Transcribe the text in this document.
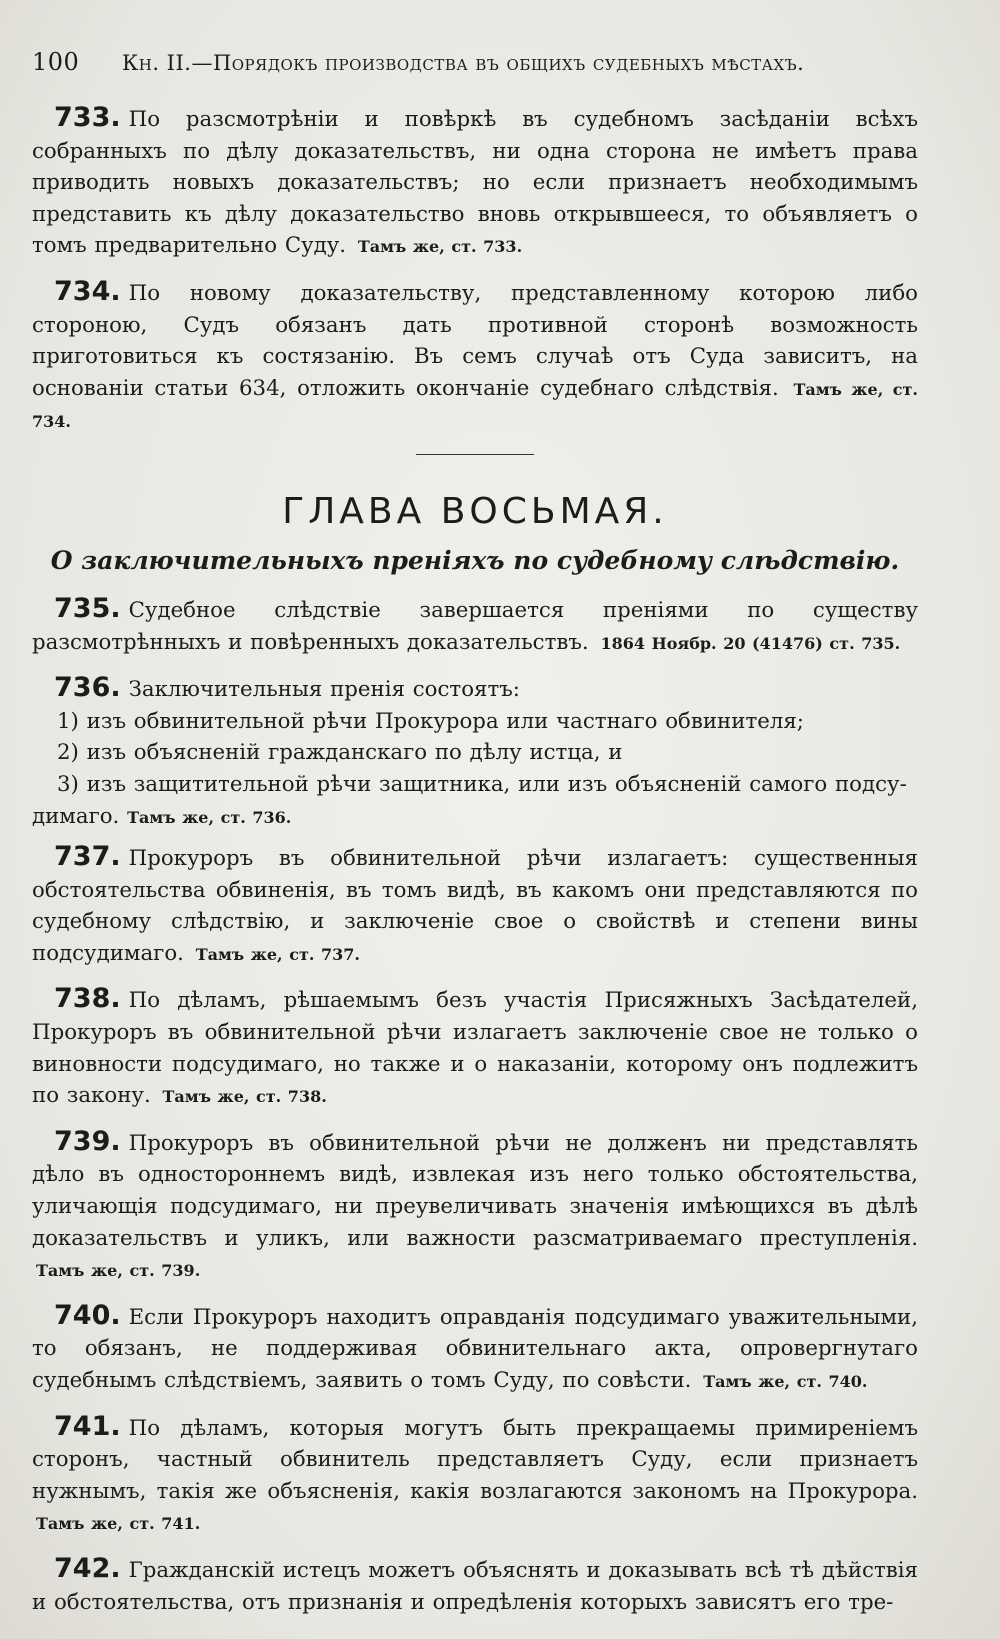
100	Кн. II.—Порядокъ производства въ общихъ судебныхъ мѣстахъ.

733. По разсмотрѣніи и повѣркѣ въ судебномъ засѣданіи всѣхъ собранныхъ по дѣлу доказательствъ, ни одна сторона не имѣетъ права приводить новыхъ доказательствъ; но если признаетъ необходимымъ представить къ дѣлу доказательство вновь открывшееся, то объявляетъ о томъ предварительно Суду. Тамъ же, ст. 733.

734. По новому доказательству, представленному которою либо стороною, Судъ обязанъ дать противной сторонѣ возможность приготовиться къ состязанію. Въ семъ случаѣ отъ Суда зависитъ, на основаніи статьи 634, отложить окончаніе судебнаго слѣдствія. Тамъ же, ст. 734.

ГЛАВА ВОСЬМАЯ.
О заключительныхъ преніяхъ по судебному слѣдствію.

735. Судебное слѣдствіе завершается преніями по существу разсмотрѣнныхъ и повѣренныхъ доказательствъ. 1864 Ноябр. 20 (41476) ст. 735.

736. Заключительныя пренія состоятъ:
1) изъ обвинительной рѣчи Прокурора или частнаго обвинителя;
2) изъ объясненій гражданскаго по дѣлу истца, и
3) изъ защитительной рѣчи защитника, или изъ объясненій самого подсу-
димаго. Тамъ же, ст. 736.

737. Прокуроръ въ обвинительной рѣчи излагаетъ: существенныя обстоятельства обвиненія, въ томъ видѣ, въ какомъ они представляются по судебному слѣдствію, и заключеніе свое о свойствѣ и степени вины подсудимаго. Тамъ же, ст. 737.

738. По дѣламъ, рѣшаемымъ безъ участія Присяжныхъ Засѣдателей, Прокуроръ въ обвинительной рѣчи излагаетъ заключеніе свое не только о виновности подсудимаго, но также и о наказаніи, которому онъ подлежитъ по закону. Тамъ же, ст. 738.

739. Прокуроръ въ обвинительной рѣчи не долженъ ни представлять дѣло въ одностороннемъ видѣ, извлекая изъ него только обстоятельства, уличающія подсудимаго, ни преувеличивать значенія имѣющихся въ дѣлѣ доказательствъ и уликъ, или важности разсматриваемаго преступленія. Тамъ же, ст. 739.

740. Если Прокуроръ находитъ оправданія подсудимаго уважительными, то обязанъ, не поддерживая обвинительнаго акта, опровергнутаго судебнымъ слѣдствіемъ, заявить о томъ Суду, по совѣсти. Тамъ же, ст. 740.

741. По дѣламъ, которыя могутъ быть прекращаемы примиреніемъ сторонъ, частный обвинитель представляетъ Суду, если признаетъ нужнымъ, такія же объясненія, какія возлагаются закономъ на Прокурора. Тамъ же, ст. 741.

742. Гражданскій истецъ можетъ объяснять и доказывать всѣ тѣ дѣйствія и обстоятельства, отъ признанія и опредѣленія которыхъ зависятъ его тре-
